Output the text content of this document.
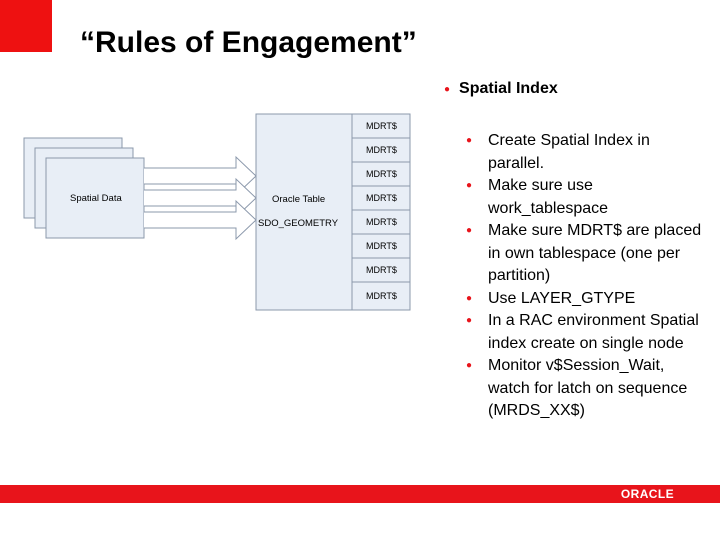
“Rules of Engagement”
● Spatial Index
Spatial Data	Oracle Table
SDO_GEOMETRY
MDRT$
MDRT$
MDRT$
MDRT$
MDRT$
MDRT$
MDRT$
MDRT$
● Create Spatial Index in parallel.
● Make sure use work_tablespace
● Make sure MDRT$ are placed in own tablespace (one per partition)
● Use LAYER_GTYPE
● In a RAC environment Spatial index create on single node
● Monitor v$Session_Wait, watch for latch on sequence (MRDS_XX$)
ORACLE
